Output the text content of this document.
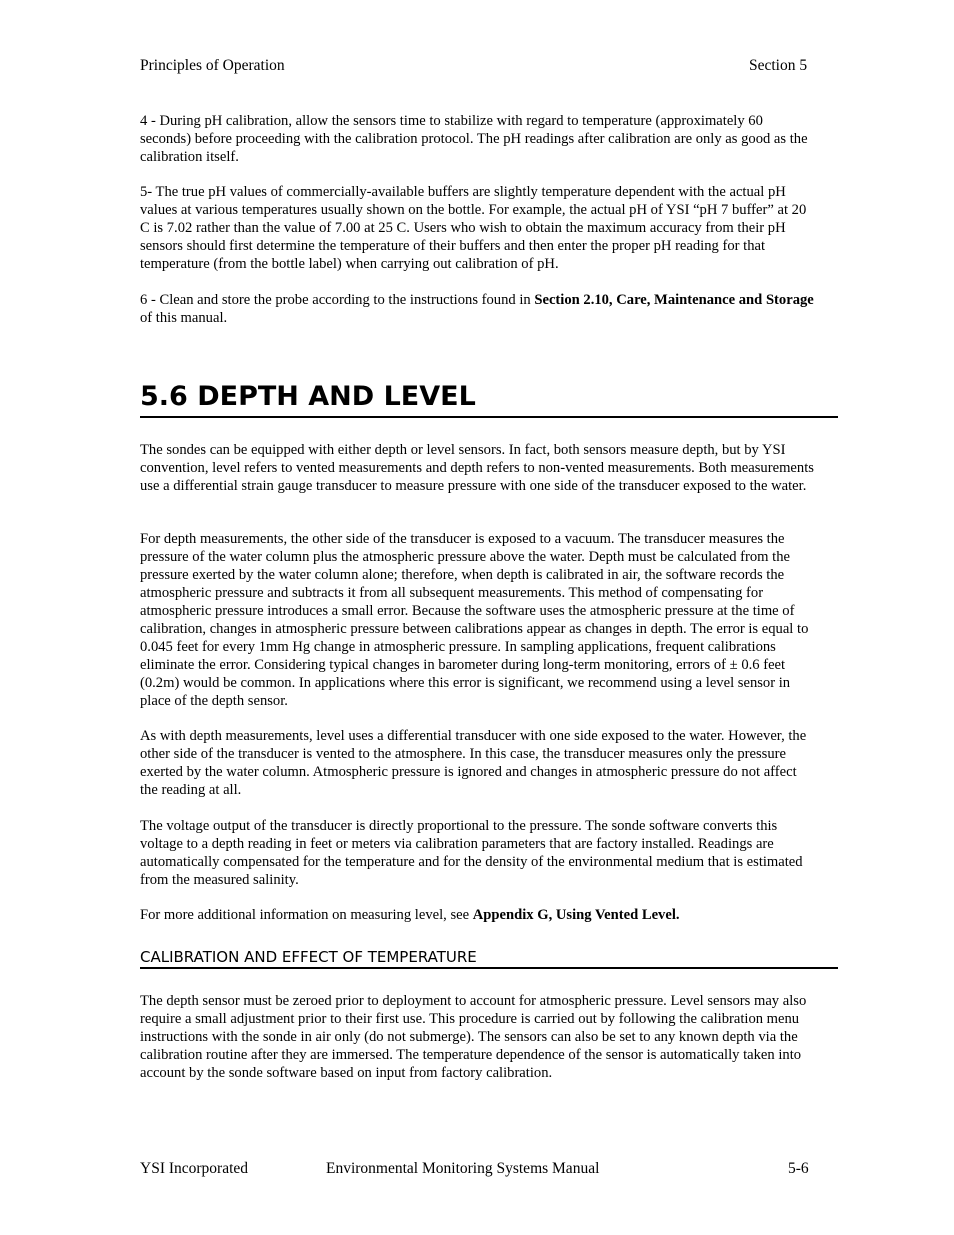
Principles of Operation	Section 5

4 - During pH calibration, allow the sensors time to stabilize with regard to temperature (approximately 60 seconds) before proceeding with the calibration protocol. The pH readings after calibration are only as good as the calibration itself.

5- The true pH values of commercially-available buffers are slightly temperature dependent with the actual pH values at various temperatures usually shown on the bottle. For example, the actual pH of YSI “pH 7 buffer” at 20 C is 7.02 rather than the value of 7.00 at 25 C. Users who wish to obtain the maximum accuracy from their pH sensors should first determine the temperature of their buffers and then enter the proper pH reading for that temperature (from the bottle label) when carrying out calibration of pH.

6 - Clean and store the probe according to the instructions found in Section 2.10, Care, Maintenance and Storage of this manual.

5.6 DEPTH AND LEVEL

The sondes can be equipped with either depth or level sensors. In fact, both sensors measure depth, but by YSI convention, level refers to vented measurements and depth refers to non-vented measurements. Both measurements use a differential strain gauge transducer to measure pressure with one side of the transducer exposed to the water.

For depth measurements, the other side of the transducer is exposed to a vacuum. The transducer measures the pressure of the water column plus the atmospheric pressure above the water. Depth must be calculated from the pressure exerted by the water column alone; therefore, when depth is calibrated in air, the software records the atmospheric pressure and subtracts it from all subsequent measurements. This method of compensating for atmospheric pressure introduces a small error. Because the software uses the atmospheric pressure at the time of calibration, changes in atmospheric pressure between calibrations appear as changes in depth. The error is equal to 0.045 feet for every 1mm Hg change in atmospheric pressure. In sampling applications, frequent calibrations eliminate the error. Considering typical changes in barometer during long-term monitoring, errors of ± 0.6 feet (0.2m) would be common. In applications where this error is significant, we recommend using a level sensor in place of the depth sensor.

As with depth measurements, level uses a differential transducer with one side exposed to the water. However, the other side of the transducer is vented to the atmosphere. In this case, the transducer measures only the pressure exerted by the water column. Atmospheric pressure is ignored and changes in atmospheric pressure do not affect the reading at all.

The voltage output of the transducer is directly proportional to the pressure. The sonde software converts this voltage to a depth reading in feet or meters via calibration parameters that are factory installed. Readings are automatically compensated for the temperature and for the density of the environmental medium that is estimated from the measured salinity.

For more additional information on measuring level, see Appendix G, Using Vented Level.

CALIBRATION AND EFFECT OF TEMPERATURE

The depth sensor must be zeroed prior to deployment to account for atmospheric pressure. Level sensors may also require a small adjustment prior to their first use. This procedure is carried out by following the calibration menu instructions with the sonde in air only (do not submerge). The sensors can also be set to any known depth via the calibration routine after they are immersed. The temperature dependence of the sensor is automatically taken into account by the sonde software based on input from factory calibration.

YSI Incorporated	Environmental Monitoring Systems Manual	5-6
